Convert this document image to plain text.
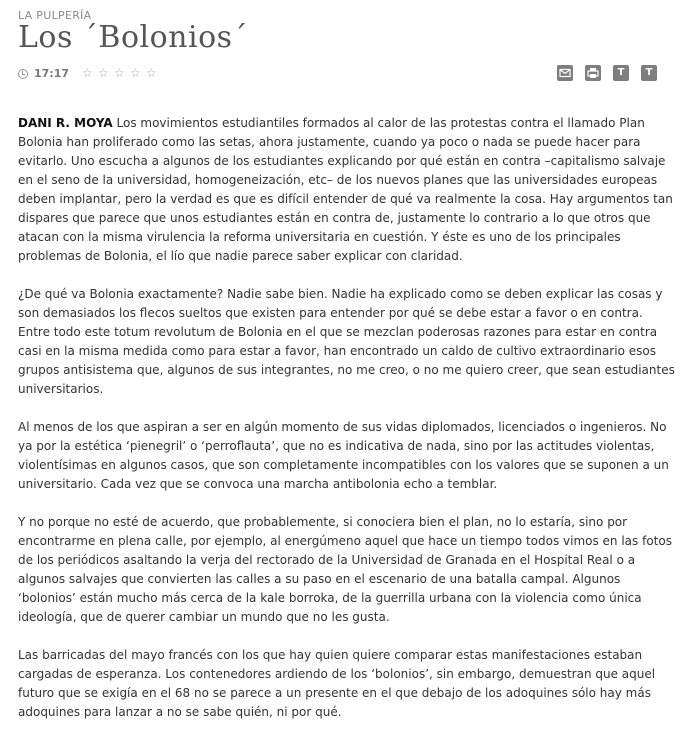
LA PULPERÍA
Los ´Bolonios´
17:17 ☆ ☆ ☆ ☆ ☆	T	T

DANI R. MOYA Los movimientos estudiantiles formados al calor de las protestas contra el llamado Plan Bolonia han proliferado como las setas, ahora justamente, cuando ya poco o nada se puede hacer para evitarlo. Uno escucha a algunos de los estudiantes explicando por qué están en contra –capitalismo salvaje en el seno de la universidad, homogeneización, etc– de los nuevos planes que las universidades europeas deben implantar, pero la verdad es que es difícil entender de qué va realmente la cosa. Hay argumentos tan dispares que parece que unos estudiantes están en contra de, justamente lo contrario a lo que otros que atacan con la misma virulencia la reforma universitaria en cuestión. Y éste es uno de los principales problemas de Bolonia, el lío que nadie parece saber explicar con claridad.

¿De qué va Bolonia exactamente? Nadie sabe bien. Nadie ha explicado como se deben explicar las cosas y son demasiados los flecos sueltos que existen para entender por qué se debe estar a favor o en contra. Entre todo este totum revolutum de Bolonia en el que se mezclan poderosas razones para estar en contra casi en la misma medida como para estar a favor, han encontrado un caldo de cultivo extraordinario esos grupos antisistema que, algunos de sus integrantes, no me creo, o no me quiero creer, que sean estudiantes universitarios.

Al menos de los que aspiran a ser en algún momento de sus vidas diplomados, licenciados o ingenieros. No ya por la estética ‘pienegril’ o ‘perroflauta’, que no es indicativa de nada, sino por las actitudes violentas, violentísimas en algunos casos, que son completamente incompatibles con los valores que se suponen a un universitario. Cada vez que se convoca una marcha antibolonia echo a temblar.

Y no porque no esté de acuerdo, que probablemente, si conociera bien el plan, no lo estaría, sino por encontrarme en plena calle, por ejemplo, al energúmeno aquel que hace un tiempo todos vimos en las fotos de los periódicos asaltando la verja del rectorado de la Universidad de Granada en el Hospital Real o a algunos salvajes que convierten las calles a su paso en el escenario de una batalla campal. Algunos ‘bolonios’ están mucho más cerca de la kale borroka, de la guerrilla urbana con la violencia como única ideología, que de querer cambiar un mundo que no les gusta.

Las barricadas del mayo francés con los que hay quien quiere comparar estas manifestaciones estaban cargadas de esperanza. Los contenedores ardiendo de los ‘bolonios’, sin embargo, demuestran que aquel futuro que se exigía en el 68 no se parece a un presente en el que debajo de los adoquines sólo hay más adoquines para lanzar a no se sabe quién, ni por qué.
